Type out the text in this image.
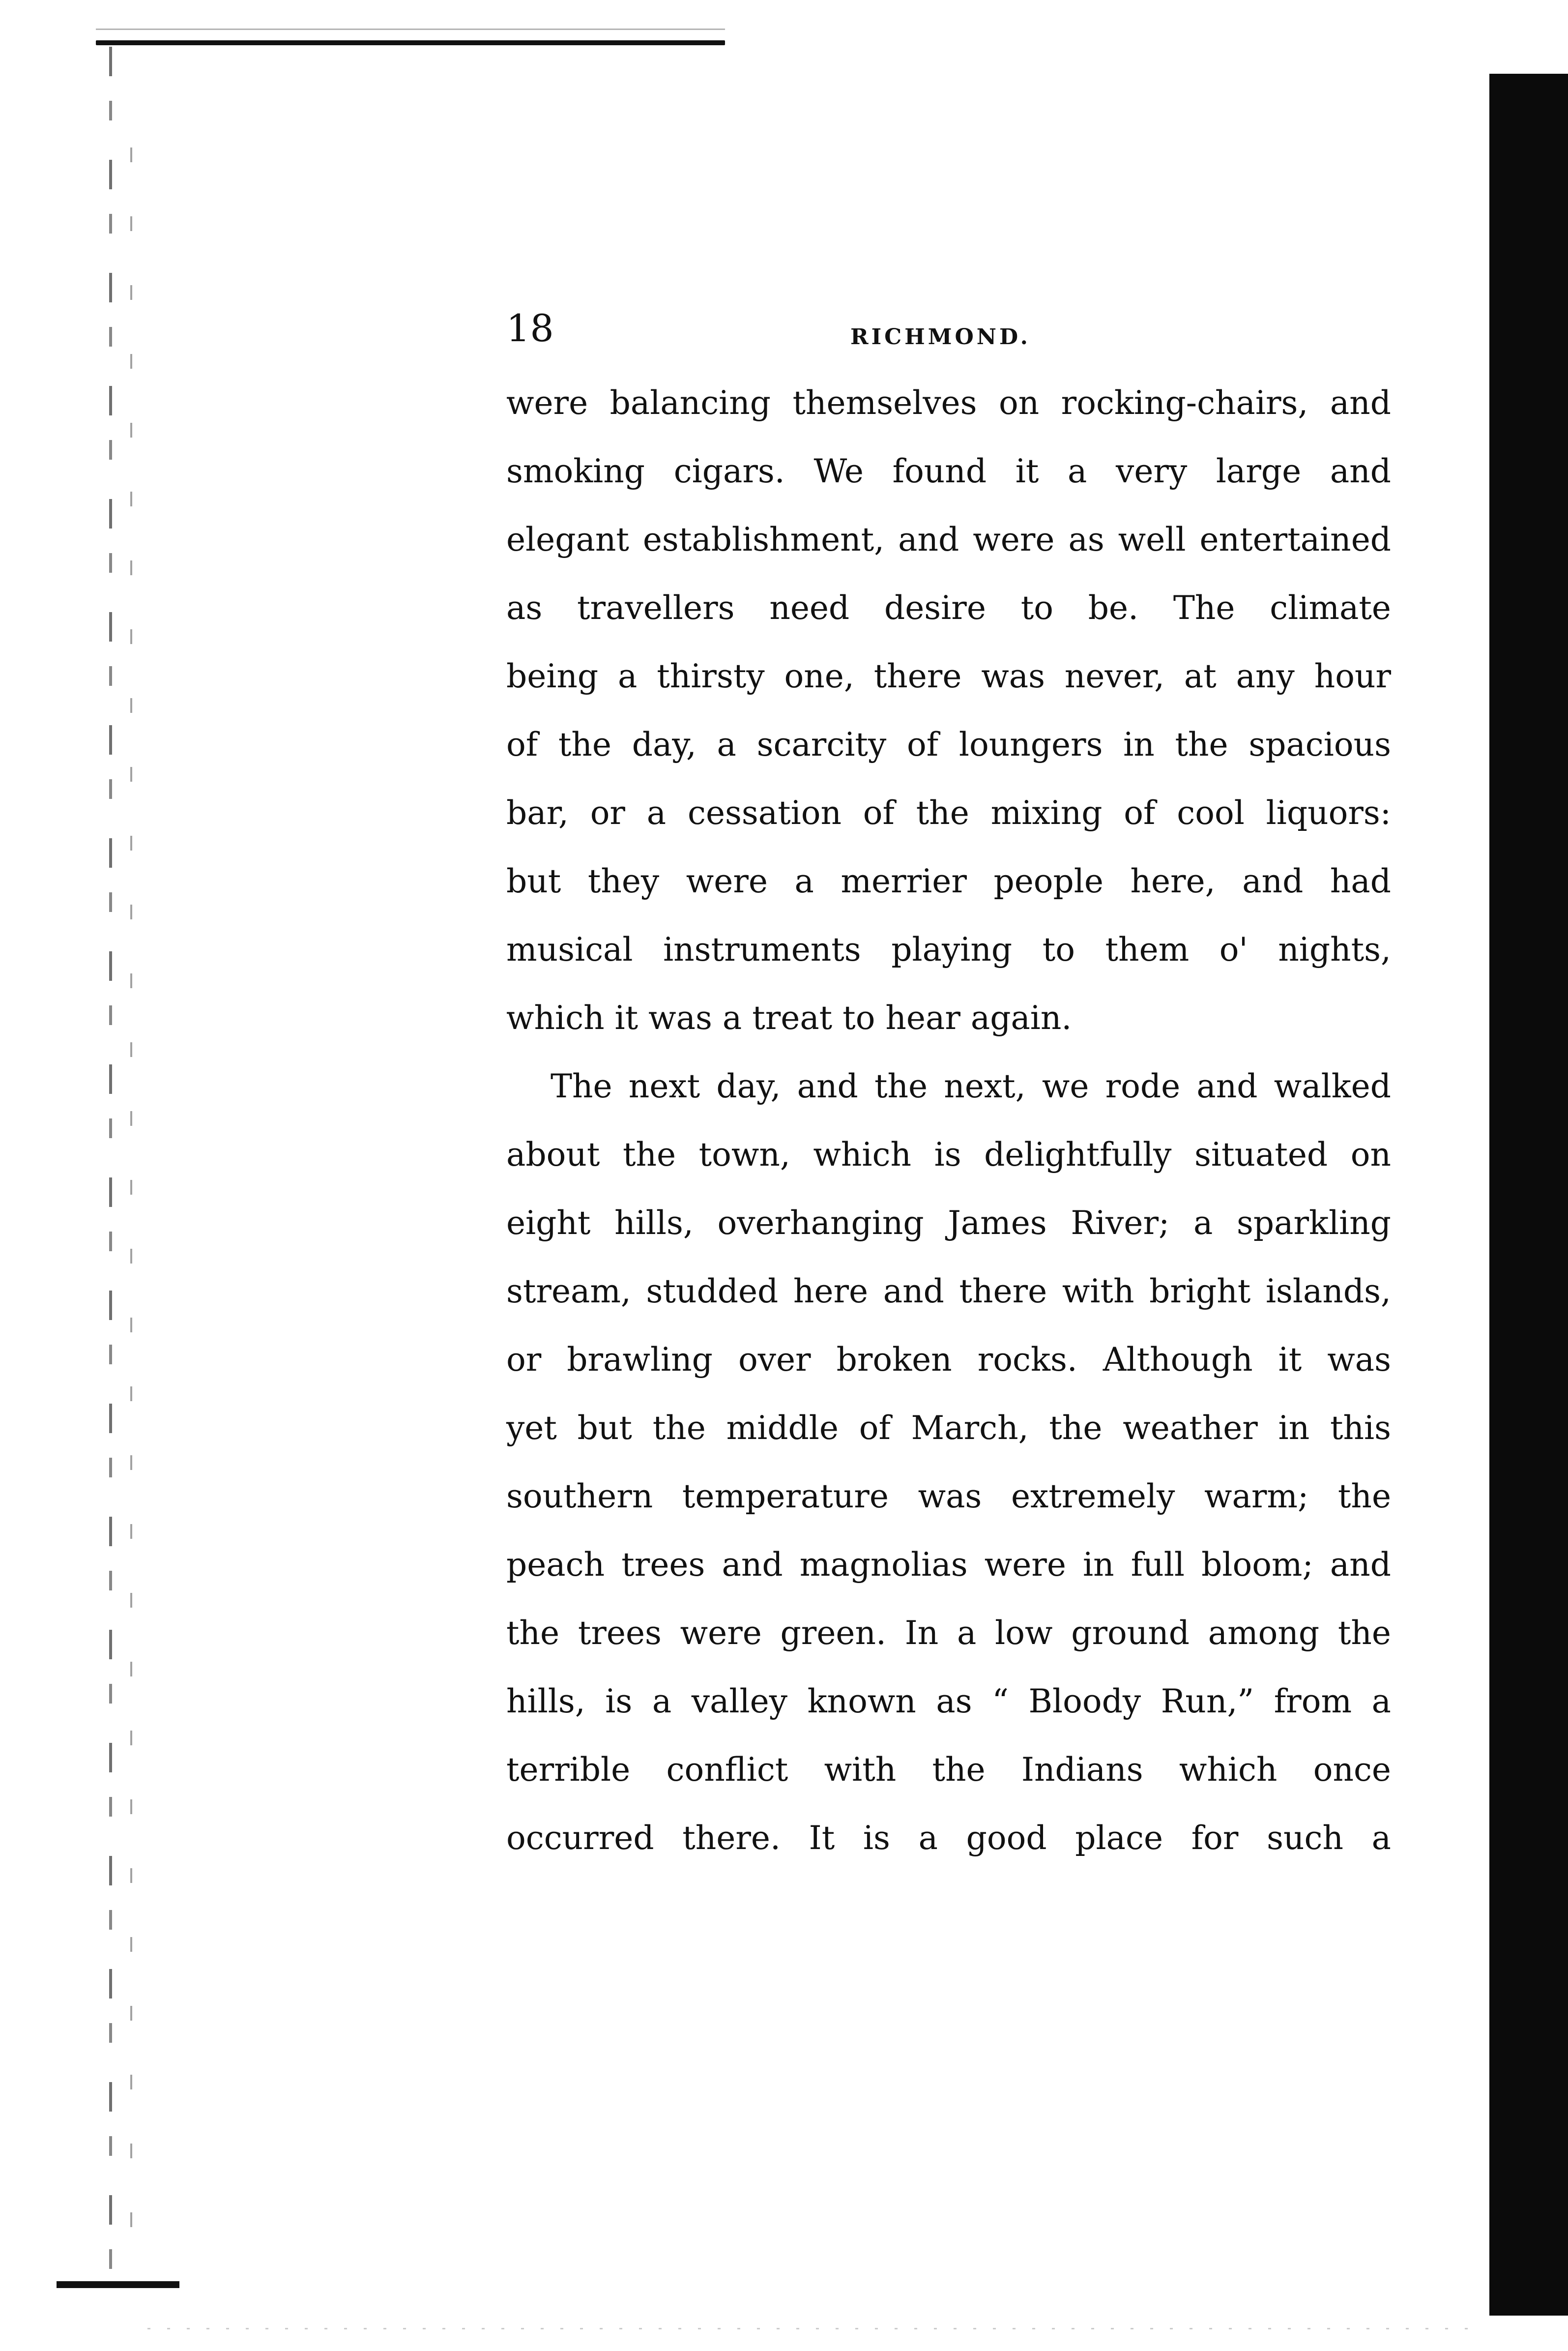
18	RICHMOND.
were balancing themselves on rocking-chairs, and
smoking cigars. We found it a very large and
elegant establishment, and were as well entertained
as travellers need desire to be. The climate
being a thirsty one, there was never, at any hour
of the day, a scarcity of loungers in the spacious
bar, or a cessation of the mixing of cool liquors:
but they were a merrier people here, and had
musical instruments playing to them o' nights,
which it was a treat to hear again.
The next day, and the next, we rode and walked
about the town, which is delightfully situated on
eight hills, overhanging James River; a sparkling
stream, studded here and there with bright islands,
or brawling over broken rocks. Although it was
yet but the middle of March, the weather in this
southern temperature was extremely warm; the
peach trees and magnolias were in full bloom; and
the trees were green. In a low ground among the
hills, is a valley known as “ Bloody Run,” from a
terrible conflict with the Indians which once
occurred there. It is a good place for such a
